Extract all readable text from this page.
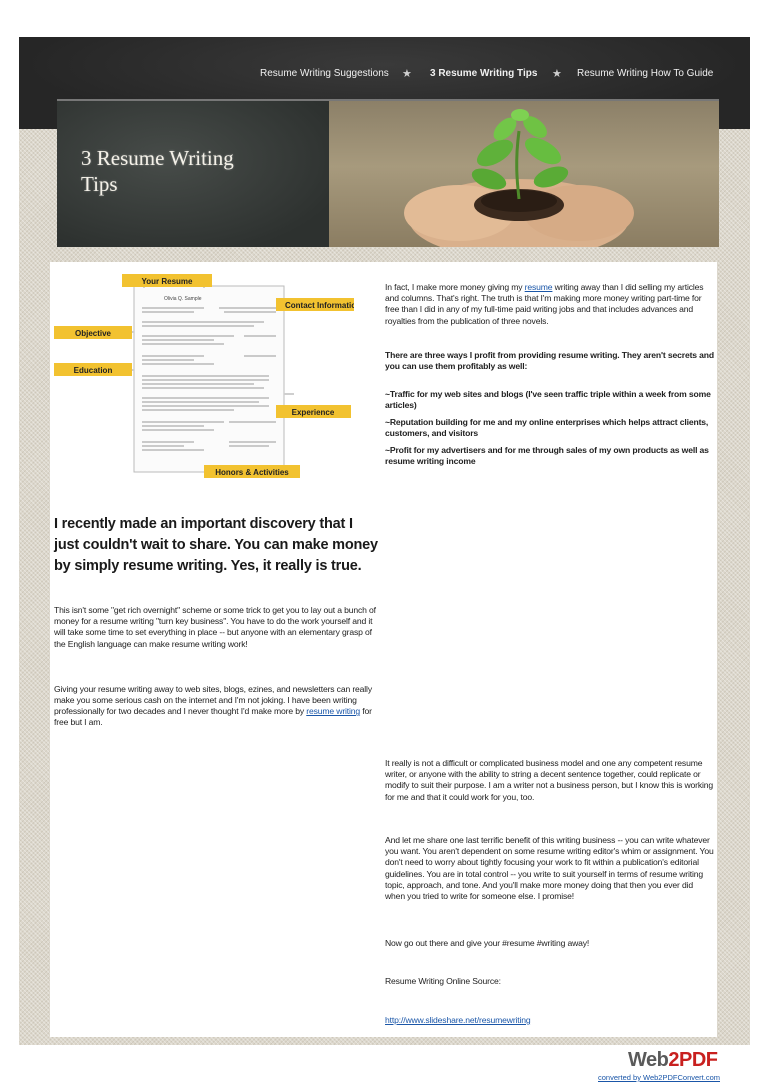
Resume Writing Suggestions ★ 3 Resume Writing Tips ★ Resume Writing How To Guide
3 Resume Writing
Tips
Olivia Q. Sample
Your Resume
Contact Information
Objective
Education
Experience
Honors & Activities

I recently made an important discovery that I just couldn't wait to share. You can make money by simply resume writing. Yes, it really is true.

This isn't some "get rich overnight" scheme or some trick to get you to lay out a bunch of money for a resume writing "turn key business". You have to do the work yourself and it will take some time to set everything in place -- but anyone with an elementary grasp of the English language can make resume writing work!

Giving your resume writing away to web sites, blogs, ezines, and newsletters can really make you some serious cash on the internet and I'm not joking. I have been writing professionally for two decades and I never thought I'd make more by resume writing for free but I am.

In fact, I make more money giving my resume writing away than I did selling my articles and columns. That's right. The truth is that I'm making more money writing part-time for free than I did in any of my full-time paid writing jobs and that includes advances and royalties from the publication of three novels.

There are three ways I profit from providing resume writing. They aren't secrets and you can use them profitably as well:

~Traffic for my web sites and blogs (I've seen traffic triple within a week from some articles)

~Reputation building for me and my online enterprises which helps attract clients, customers, and visitors

~Profit for my advertisers and for me through sales of my own products as well as resume writing income

It really is not a difficult or complicated business model and one any competent resume writer, or anyone with the ability to string a decent sentence together, could replicate or modify to suit their purpose. I am a writer not a business person, but I know this is working for me and that it could work for you, too.

And let me share one last terrific benefit of this writing business -- you can write whatever you want. You aren't dependent on some resume writing editor's whim or assignment. You don't need to worry about tightly focusing your work to fit within a publication's editorial guidelines. You are in total control -- you write to suit yourself in terms of resume writing topic, approach, and tone. And you'll make more money doing that then you ever did when you tried to write for someone else. I promise!

Now go out there and give your #resume #writing away!

Resume Writing Online Source:

http://www.slideshare.net/resumewriting

Web2PDF
converted by Web2PDFConvert.com
